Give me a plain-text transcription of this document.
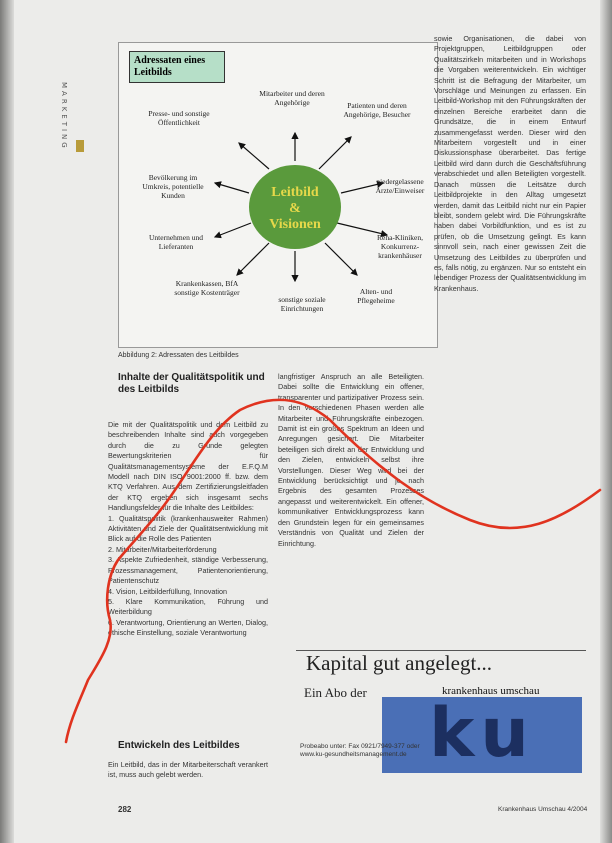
MARKETING
Adressaten eines Leitbilds
Leitbild
&
Visionen
Mitarbeiter und deren Angehörige	Patienten und deren Angehörige, Besucher
niedergelassene Ärzte/Einweiser
Reha-Kliniken, Konkurrenz-krankenhäuser
Alten- und Pflegeheime
sonstige soziale Einrichtungen
Krankenkassen, BfA sonstige Kostenträger
Unternehmen und Lieferanten
Bevölkerung im Umkreis, potentielle Kunden
Presse- und sonstige Öffentlichkeit
Abbildung 2: Adressaten des Leitbildes
Inhalte der Qualitätspolitik und des Leitbilds

Die mit der Qualitätspolitik und dem Leitbild zu beschreibenden Inhalte sind auch vorgegeben durch die zu Grunde gelegten Bewertungskriterien für Qualitätsmanagementsysteme der E.F.Q.M Modell nach DIN ISO 9001:2000 ff. bzw. dem KTQ Verfahren. Aus dem Zertifizierungsleitfaden der KTQ ergeben sich insgesamt sechs Handlungsfelder für die Inhalte des Leitbildes:

1. Qualitätspolitik (krankenhausweiter Rahmen) Aktivitäten und Ziele der Qualitätsentwicklung mit Blick auf die Rolle des Patienten

2. Mitarbeiter/Mitarbeiterförderung

3. Aspekte Zufriedenheit, ständige Verbesserung, Prozessmanagement, Patientenorientierung, Patientenschutz

4. Vision, Leitbilderfüllung, Innovation

5. Klare Kommunikation, Führung und Weiterbildung

6. Verantwortung, Orientierung an Werten, Dialog, ethische Einstellung, soziale Verantwortung

Entwickeln des Leitbildes

Ein Leitbild, das in der Mitarbeiterschaft verankert ist, muss auch gelebt werden.

langfristiger Anspruch an alle Beteiligten. Dabei sollte die Entwicklung ein offener, transparenter und partizipativer Prozess sein. In den verschiedenen Phasen werden alle Mitarbeiter und Führungskräfte einbezogen. Damit ist ein großes Spektrum an Ideen und Anregungen gesichert. Die Mitarbeiter beteiligen sich direkt an der Entwicklung und den Zielen, entwickeln selbst ihre Vorstellungen. Dieser Weg wird bei der Entwicklung berücksichtigt und je nach Ergebnis des gesamten Prozesses angepasst und weiterentwickelt. Ein offener, kommunikativer Entwicklungsprozess kann den Grundstein legen für ein gemeinsames Verständnis von Qualität und Zielen der Einrichtung.

sowie Organisationen, die dabei von Projektgruppen, Leitbildgruppen oder Qualitätszirkeln mitarbeiten und in Workshops die Vorgaben weiterentwickeln. Ein wichtiger Schritt ist die Befragung der Mitarbeiter, um Vorschläge und Meinungen zu erfassen. Ein Leitbild-Workshop mit den Führungskräften der einzelnen Bereiche erarbeitet dann die Grundsätze, die in einem Entwurf zusammengefasst werden. Dieser wird den Mitarbeitern vorgestellt und in einer Diskussionsphase überarbeitet. Das fertige Leitbild wird dann durch die Geschäftsführung verabschiedet und allen Beteiligten vorgestellt. Danach müssen die Leitsätze durch Leitbildprojekte in den Alltag umgesetzt werden, damit das Leitbild nicht nur ein Papier bleibt, sondern gelebt wird. Die Führungskräfte haben dabei Vorbildfunktion, und es ist zu prüfen, ob die Umsetzung gelingt. Es kann sinnvoll sein, nach einer gewissen Zeit die Umsetzung des Leitbildes zu überprüfen und es, falls nötig, zu ergänzen. Nur so entsteht ein lebendiger Prozess der Qualitätsentwicklung im Krankenhaus.

Kapital gut angelegt...
Ein Abo der
ku
krankenhaus umschau
Probeabo unter: Fax 0921/7949-377 oder www.ku-gesundheitsmanagement.de
282	Krankenhaus Umschau 4/2004
